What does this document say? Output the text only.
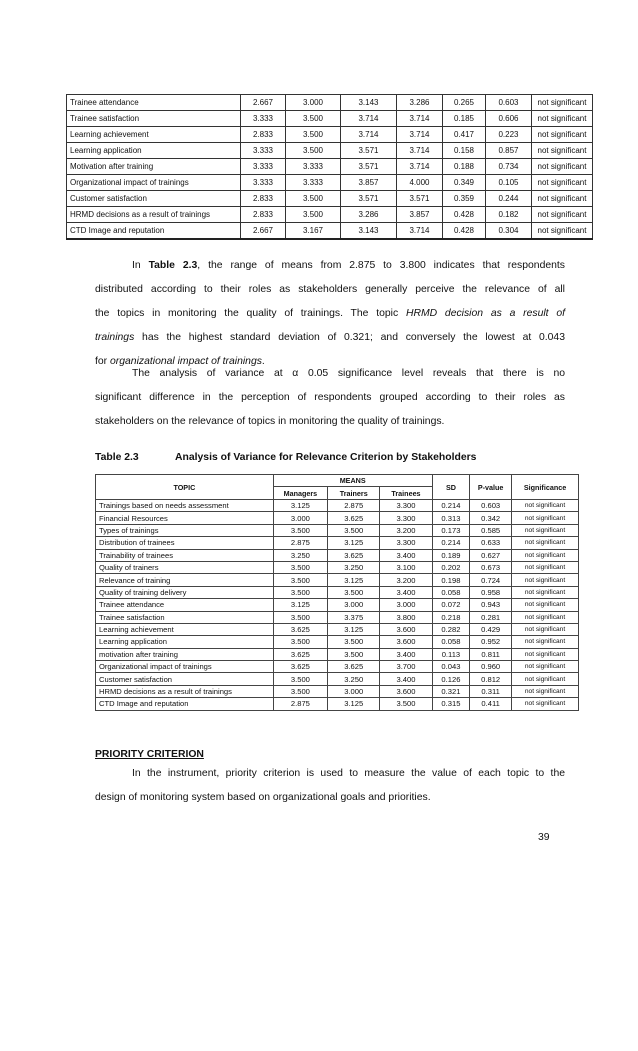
Trainee attendance	2.667	3.000	3.143	3.286	0.265	0.603	not significant
Trainee satisfaction	3.333	3.500	3.714	3.714	0.185	0.606	not significant
Learning achievement	2.833	3.500	3.714	3.714	0.417	0.223	not significant
Learning application	3.333	3.500	3.571	3.714	0.158	0.857	not significant
Motivation after training	3.333	3.333	3.571	3.714	0.188	0.734	not significant
Organizational impact of trainings	3.333	3.333	3.857	4.000	0.349	0.105	not significant
Customer satisfaction	2.833	3.500	3.571	3.571	0.359	0.244	not significant
HRMD decisions as a result of trainings	2.833	3.500	3.286	3.857	0.428	0.182	not significant
CTD Image and reputation	2.667	3.167	3.143	3.714	0.428	0.304	not significant
In Table 2.3, the range of means from 2.875 to 3.800 indicates that respondents
distributed according to their roles as stakeholders generally perceive the relevance of all
the topics in monitoring the quality of trainings. The topic HRMD decision as a result of
trainings has the highest standard deviation of 0.321; and conversely the lowest at 0.043
for organizational impact of trainings.
The analysis of variance at α 0.05 significance level reveals that there is no
significant difference in the perception of respondents grouped according to their roles as
stakeholders on the relevance of topics in monitoring the quality of trainings.
Table 2.3	Analysis of Variance for Relevance Criterion by Stakeholders
TOPIC	MEANS			SD	P-value	Significance
	Managers	Trainers	Trainees			
Trainings based on needs assessment	3.125	2.875	3.300	0.214	0.603	not significant
Financial Resources	3.000	3.625	3.300	0.313	0.342	not significant
Types of trainings	3.500	3.500	3.200	0.173	0.585	not significant
Distribution of trainees	2.875	3.125	3.300	0.214	0.633	not significant
Trainability of trainees	3.250	3.625	3.400	0.189	0.627	not significant
Quality of trainers	3.500	3.250	3.100	0.202	0.673	not significant
Relevance of training	3.500	3.125	3.200	0.198	0.724	not significant
Quality of training delivery	3.500	3.500	3.400	0.058	0.958	not significant
Trainee attendance	3.125	3.000	3.000	0.072	0.943	not significant
Trainee satisfaction	3.500	3.375	3.800	0.218	0.281	not significant
Learning achievement	3.625	3.125	3.600	0.282	0.429	not significant
Learning application	3.500	3.500	3.600	0.058	0.952	not significant
motivation after training	3.625	3.500	3.400	0.113	0.811	not significant
Organizational impact of trainings	3.625	3.625	3.700	0.043	0.960	not significant
Customer satisfaction	3.500	3.250	3.400	0.126	0.812	not significant
HRMD decisions as a result of trainings	3.500	3.000	3.600	0.321	0.311	not significant
CTD Image and reputation	2.875	3.125	3.500	0.315	0.411	not significant
PRIORITY CRITERION
In the instrument, priority criterion is used to measure the value of each topic to the
design of monitoring system based on organizational goals and priorities.
39
